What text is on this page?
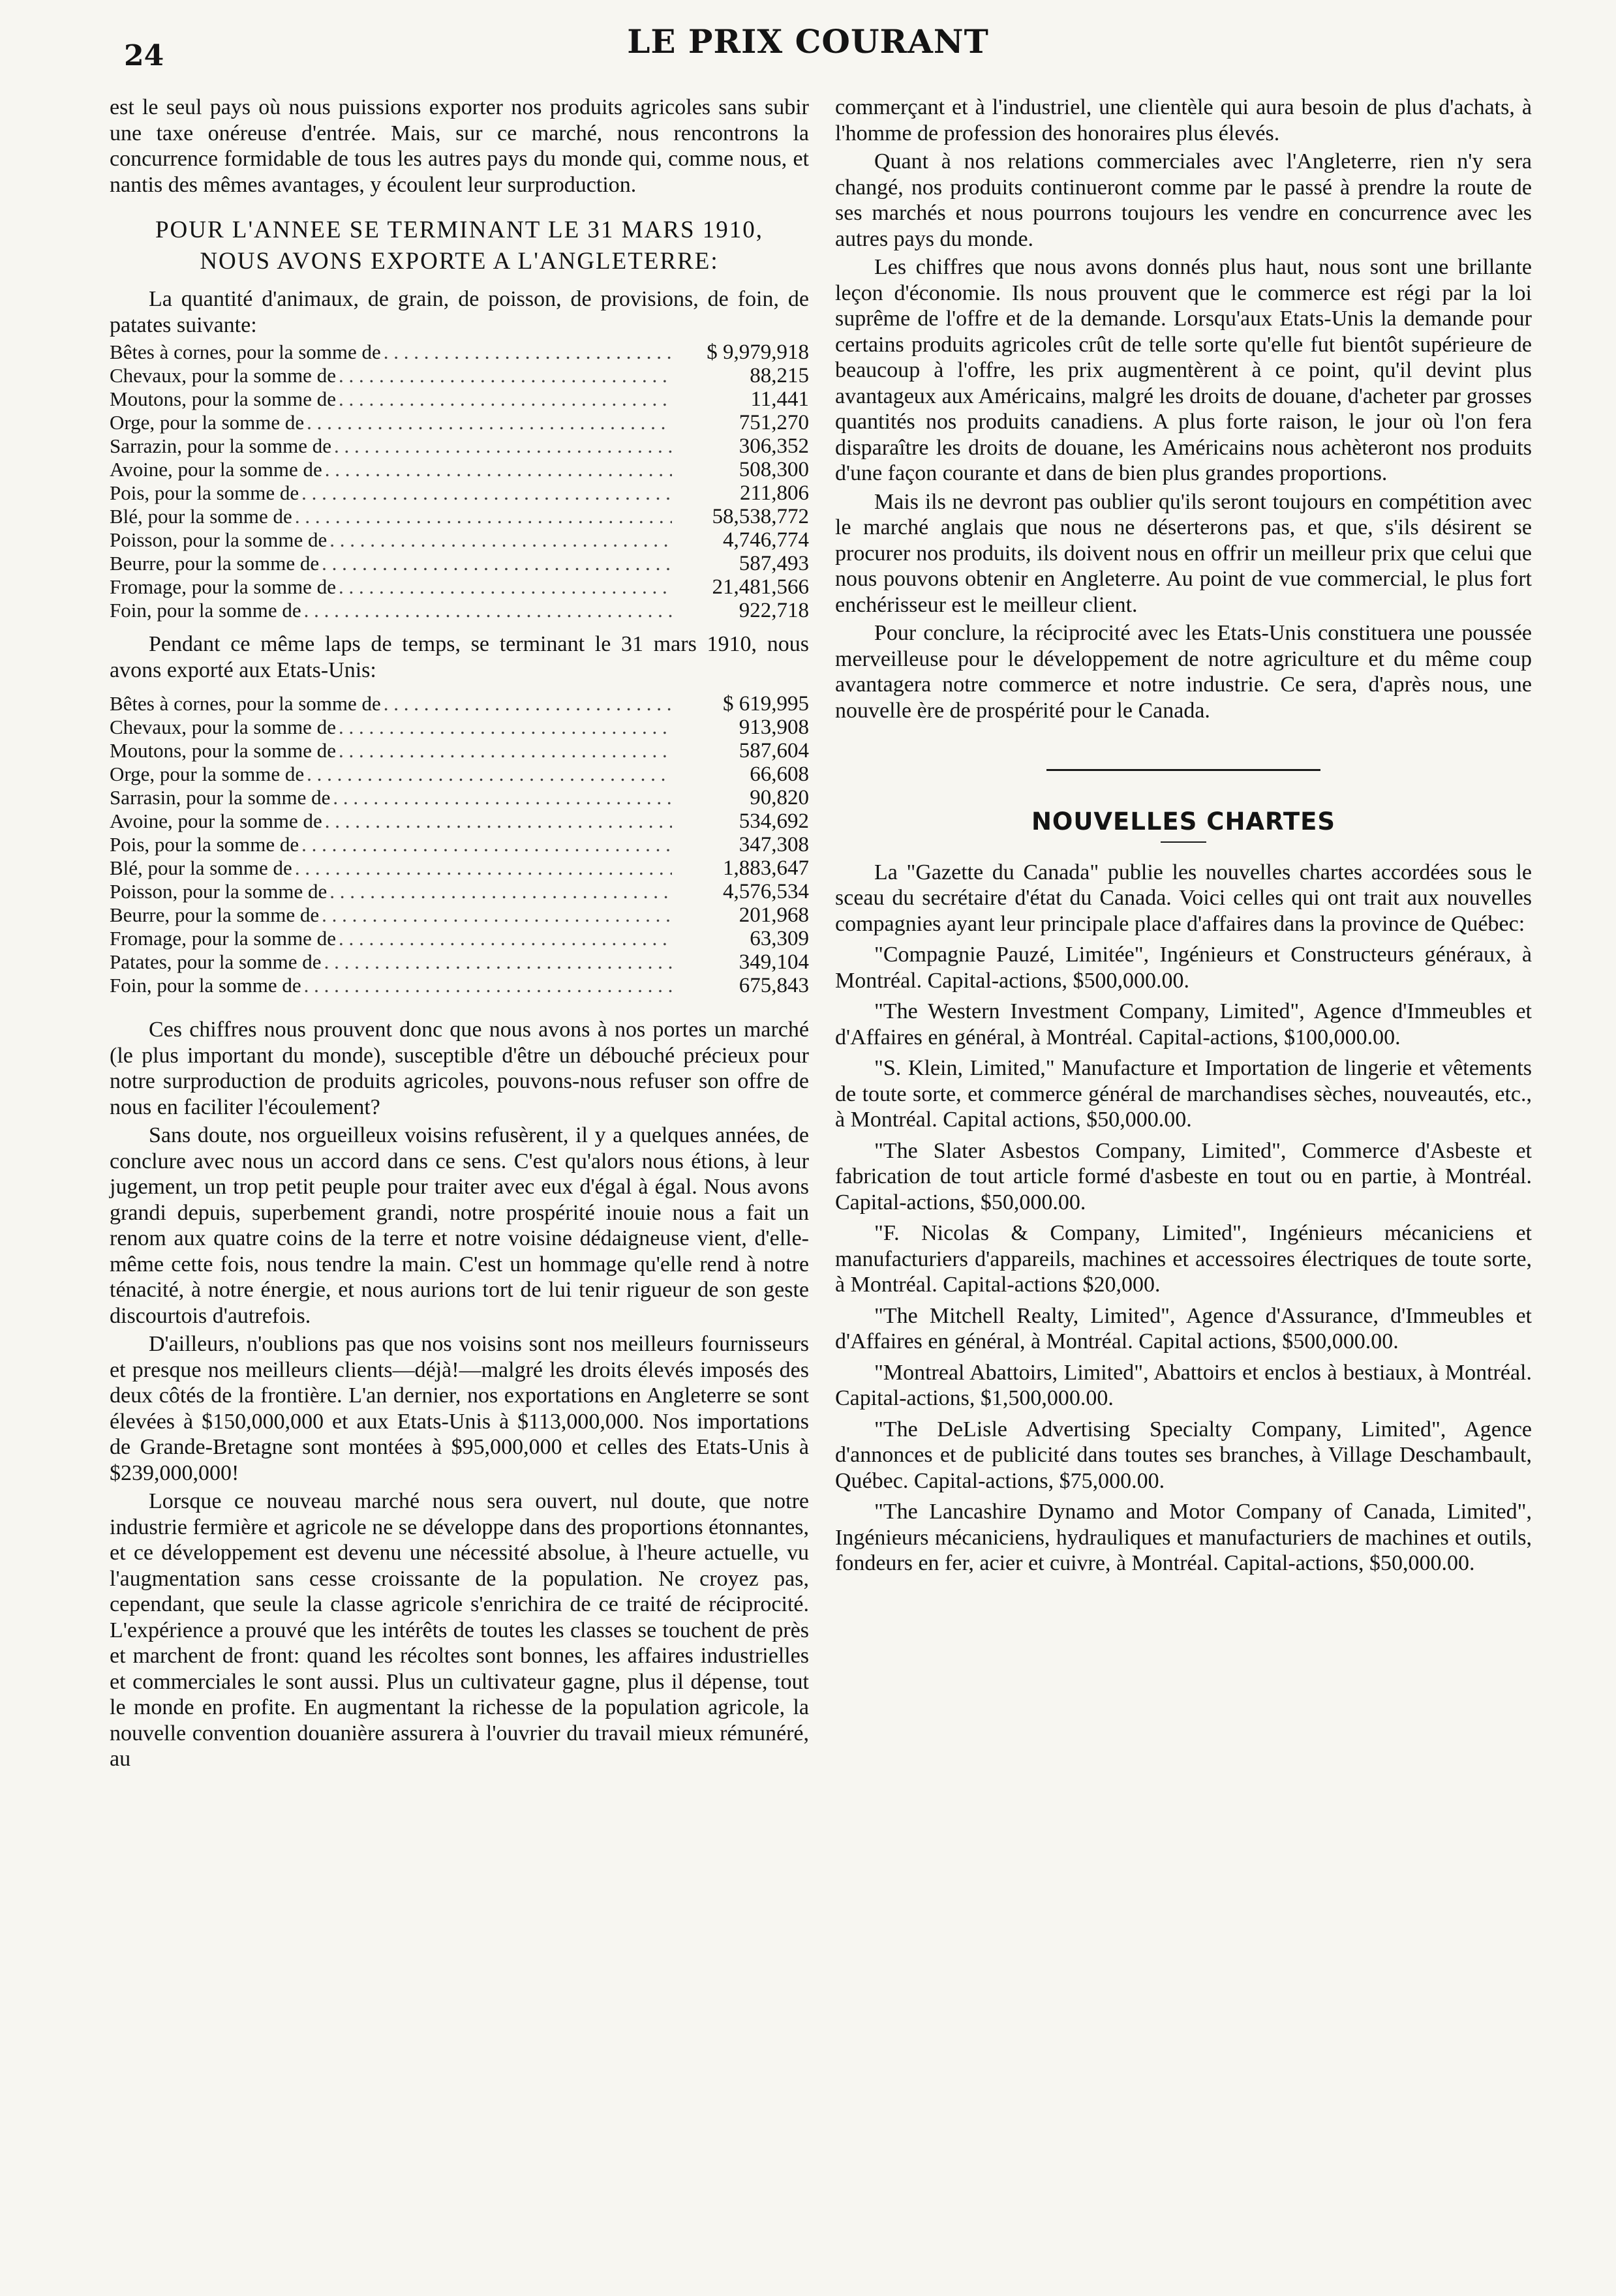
24	LE PRIX COURANT

est le seul pays où nous puissions exporter nos produits agricoles sans subir une taxe onéreuse d'entrée. Mais, sur ce marché, nous rencontrons la concurrence formidable de tous les autres pays du monde qui, comme nous, et nantis des mêmes avantages, y écoulent leur surproduction.

POUR L'ANNEE SE TERMINANT LE 31 MARS 1910,
NOUS AVONS EXPORTE A L'ANGLETERRE:

La quantité d'animaux, de grain, de poisson, de provisions, de foin, de patates suivante:

Bêtes à cornes, pour la somme de . . .	$ 9,979,918
Chevaux, pour la somme de . . .	88,215
Moutons, pour la somme de . . .	11,441
Orge, pour la somme de . . .	751,270
Sarrazin, pour la somme de . . .	306,352
Avoine, pour la somme de . . .	508,300
Pois, pour la somme de . . .	211,806
Blé, pour la somme de . . .	58,538,772
Poisson, pour la somme de . . .	4,746,774
Beurre, pour la somme de . . .	587,493
Fromage, pour la somme de . . .	21,481,566
Foin, pour la somme de . . .	922,718

Pendant ce même laps de temps, se terminant le 31 mars 1910, nous avons exporté aux Etats-Unis:

Bêtes à cornes, pour la somme de . . .	$ 619,995
Chevaux, pour la somme de . . .	913,908
Moutons, pour la somme de . . .	587,604
Orge, pour la somme de . . .	66,608
Sarrasin, pour la somme de . . .	90,820
Avoine, pour la somme de . . .	534,692
Pois, pour la somme de . . .	347,308
Blé, pour la somme de . . .	1,883,647
Poisson, pour la somme de . . .	4,576,534
Beurre, pour la somme de . . .	201,968
Fromage, pour la somme de . . .	63,309
Patates, pour la somme de . . .	349,104
Foin, pour la somme de . . .	675,843

Ces chiffres nous prouvent donc que nous avons à nos portes un marché (le plus important du monde), susceptible d'être un débouché précieux pour notre surproduction de produits agricoles, pouvons-nous refuser son offre de nous en faciliter l'écoulement?

Sans doute, nos orgueilleux voisins refusèrent, il y a quelques années, de conclure avec nous un accord dans ce sens. C'est qu'alors nous étions, à leur jugement, un trop petit peuple pour traiter avec eux d'égal à égal. Nous avons grandi depuis, superbement grandi, notre prospérité inouie nous a fait un renom aux quatre coins de la terre et notre voisine dédaigneuse vient, d'elle-même cette fois, nous tendre la main. C'est un hommage qu'elle rend à notre ténacité, à notre énergie, et nous aurions tort de lui tenir rigueur de son geste discourtois d'autrefois.

D'ailleurs, n'oublions pas que nos voisins sont nos meilleurs fournisseurs et presque nos meilleurs clients—déjà!—malgré les droits élevés imposés des deux côtés de la frontière. L'an dernier, nos exportations en Angleterre se sont élevées à $150,000,000 et aux Etats-Unis à $113,000,000. Nos importations de Grande-Bretagne sont montées à $95,000,000 et celles des Etats-Unis à $239,000,000!

Lorsque ce nouveau marché nous sera ouvert, nul doute, que notre industrie fermière et agricole ne se développe dans des proportions étonnantes, et ce développement est devenu une nécessité absolue, à l'heure actuelle, vu l'augmentation sans cesse croissante de la population. Ne croyez pas, cependant, que seule la classe agricole s'enrichira de ce traité de réciprocité. L'expérience a prouvé que les intérêts de toutes les classes se touchent de près et marchent de front: quand les récoltes sont bonnes, les affaires industrielles et commerciales le sont aussi. Plus un cultivateur gagne, plus il dépense, tout le monde en profite. En augmentant la richesse de la population agricole, la nouvelle convention douanière assurera à l'ouvrier du travail mieux rémunéré, au

commerçant et à l'industriel, une clientèle qui aura besoin de plus d'achats, à l'homme de profession des honoraires plus élevés.

Quant à nos relations commerciales avec l'Angleterre, rien n'y sera changé, nos produits continueront comme par le passé à prendre la route de ses marchés et nous pourrons toujours les vendre en concurrence avec les autres pays du monde.

Les chiffres que nous avons donnés plus haut, nous sont une brillante leçon d'économie. Ils nous prouvent que le commerce est régi par la loi suprême de l'offre et de la demande. Lorsqu'aux Etats-Unis la demande pour certains produits agricoles crût de telle sorte qu'elle fut bientôt supérieure de beaucoup à l'offre, les prix augmentèrent à ce point, qu'il devint plus avantageux aux Américains, malgré les droits de douane, d'acheter par grosses quantités nos produits canadiens. A plus forte raison, le jour où l'on fera disparaître les droits de douane, les Américains nous achèteront nos produits d'une façon courante et dans de bien plus grandes proportions.

Mais ils ne devront pas oublier qu'ils seront toujours en compétition avec le marché anglais que nous ne déserterons pas, et que, s'ils désirent se procurer nos produits, ils doivent nous en offrir un meilleur prix que celui que nous pouvons obtenir en Angleterre. Au point de vue commercial, le plus fort enchérisseur est le meilleur client.

Pour conclure, la réciprocité avec les Etats-Unis constituera une poussée merveilleuse pour le développement de notre agriculture et du même coup avantagera notre commerce et notre industrie. Ce sera, d'après nous, une nouvelle ère de prospérité pour le Canada.

NOUVELLES CHARTES

La "Gazette du Canada" publie les nouvelles chartes accordées sous le sceau du secrétaire d'état du Canada. Voici celles qui ont trait aux nouvelles compagnies ayant leur principale place d'affaires dans la province de Québec:

"Compagnie Pauzé, Limitée", Ingénieurs et Constructeurs généraux, à Montréal. Capital-actions, $500,000.00.

"The Western Investment Company, Limited", Agence d'Immeubles et d'Affaires en général, à Montréal. Capital-actions, $100,000.00.

"S. Klein, Limited," Manufacture et Importation de lingerie et vêtements de toute sorte, et commerce général de marchandises sèches, nouveautés, etc., à Montréal. Capital actions, $50,000.00.

"The Slater Asbestos Company, Limited", Commerce d'Asbeste et fabrication de tout article formé d'asbeste en tout ou en partie, à Montréal. Capital-actions, $50,000.00.

"F. Nicolas & Company, Limited", Ingénieurs mécaniciens et manufacturiers d'appareils, machines et accessoires électriques de toute sorte, à Montréal. Capital-actions $20,000.

"The Mitchell Realty, Limited", Agence d'Assurance, d'Immeubles et d'Affaires en général, à Montréal. Capital actions, $500,000.00.

"Montreal Abattoirs, Limited", Abattoirs et enclos à bestiaux, à Montréal. Capital-actions, $1,500,000.00.

"The DeLisle Advertising Specialty Company, Limited", Agence d'annonces et de publicité dans toutes ses branches, à Village Deschambault, Québec. Capital-actions, $75,000.00.

"The Lancashire Dynamo and Motor Company of Canada, Limited", Ingénieurs mécaniciens, hydrauliques et manufacturiers de machines et outils, fondeurs en fer, acier et cuivre, à Montréal. Capital-actions, $50,000.00.
